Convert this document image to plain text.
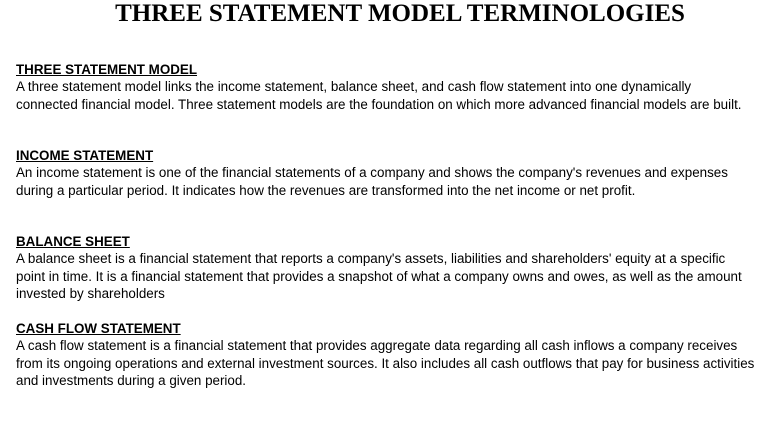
THREE STATEMENT MODEL TERMINOLOGIES

THREE STATEMENT MODEL

A three statement model links the income statement, balance sheet, and cash flow statement into one dynamically connected financial model. Three statement models are the foundation on which more advanced financial models are built.

INCOME STATEMENT

An income statement is one of the financial statements of a company and shows the company's revenues and expenses during a particular period. It indicates how the revenues are transformed into the net income or net profit.

BALANCE SHEET

A balance sheet is a financial statement that reports a company's assets, liabilities and shareholders' equity at a specific point in time. It is a financial statement that provides a snapshot of what a company owns and owes, as well as the amount invested by shareholders

CASH FLOW STATEMENT

A cash flow statement is a financial statement that provides aggregate data regarding all cash inflows a company receives from its ongoing operations and external investment sources. It also includes all cash outflows that pay for business activities and investments during a given period.
